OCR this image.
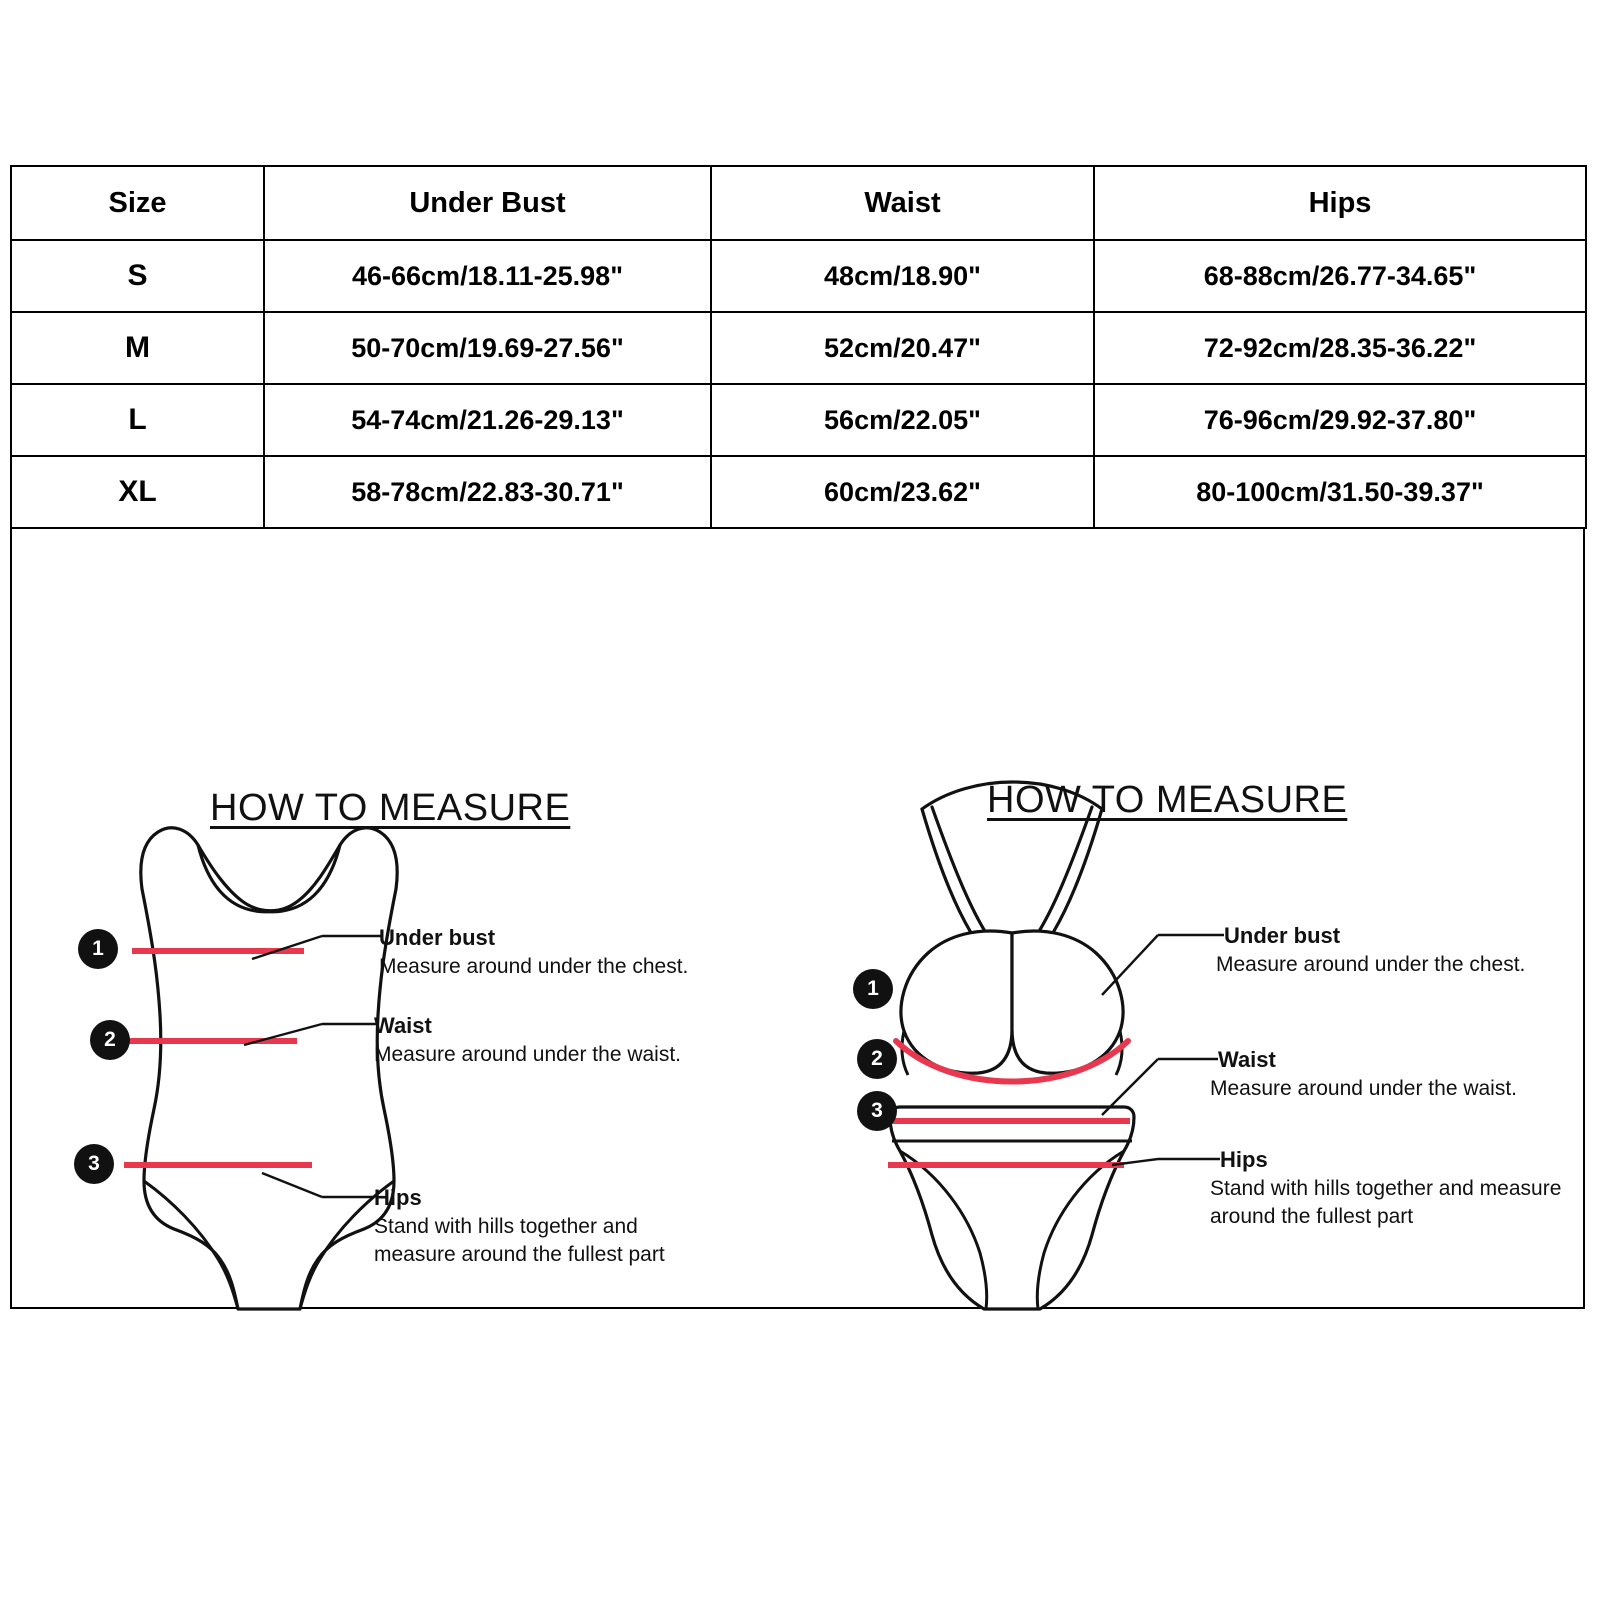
Size	Under Bust	Waist	Hips
S	46-66cm/18.11-25.98"	48cm/18.90"	68-88cm/26.77-34.65"
M	50-70cm/19.69-27.56"	52cm/20.47"	72-92cm/28.35-36.22"
L	54-74cm/21.26-29.13"	56cm/22.05"	76-96cm/29.92-37.80"
XL	58-78cm/22.83-30.71"	60cm/23.62"	80-100cm/31.50-39.37"
HOW TO MEASURE
1
2
3
Under bust
Measure around under the chest.
Waist
Measure around under the waist.
Hips
Stand with hills together and measure around the fullest part
HOW TO MEASURE
1
2
3
Under bust
Measure around under the chest.
Waist
Measure around under the waist.
Hips
Stand with hills together and measure around the fullest part
